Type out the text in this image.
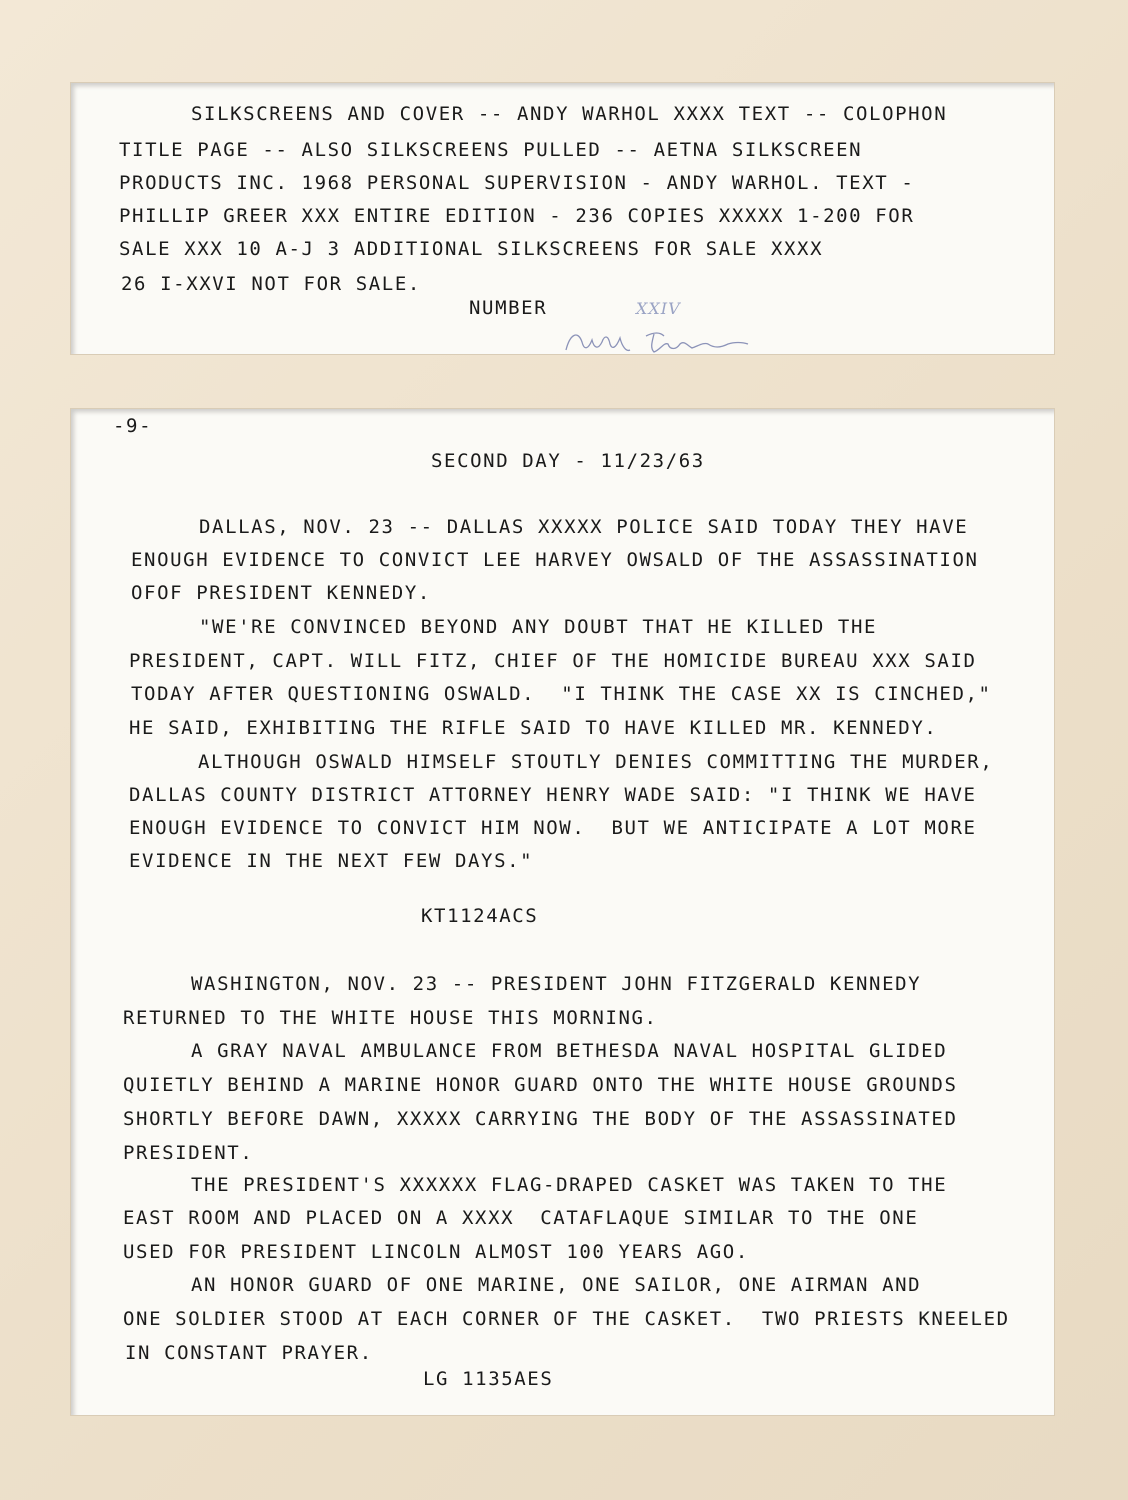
SILKSCREENS AND COVER -- ANDY WARHOL XXXX TEXT -- COLOPHON
TITLE PAGE -- ALSO SILKSCREENS PULLED -- AETNA SILKSCREEN
PRODUCTS INC. 1968 PERSONAL SUPERVISION - ANDY WARHOL. TEXT -
PHILLIP GREER XXX ENTIRE EDITION - 236 COPIES XXXXX 1-200 FOR
SALE XXX 10 A-J 3 ADDITIONAL SILKSCREENS FOR SALE XXXX
26 I-XXVI NOT FOR SALE.
NUMBER	XXIV
-9-
SECOND DAY - 11/23/63
DALLAS, NOV. 23 -- DALLAS XXXXX POLICE SAID TODAY THEY HAVE
ENOUGH EVIDENCE TO CONVICT LEE HARVEY OWSALD OF THE ASSASSINATION
OFOF PRESIDENT KENNEDY.
"WE'RE CONVINCED BEYOND ANY DOUBT THAT HE KILLED THE
PRESIDENT, CAPT. WILL FITZ, CHIEF OF THE HOMICIDE BUREAU XXX SAID
TODAY AFTER QUESTIONING OSWALD.  "I THINK THE CASE XX IS CINCHED,"
HE SAID, EXHIBITING THE RIFLE SAID TO HAVE KILLED MR. KENNEDY.
ALTHOUGH OSWALD HIMSELF STOUTLY DENIES COMMITTING THE MURDER,
DALLAS COUNTY DISTRICT ATTORNEY HENRY WADE SAID: "I THINK WE HAVE
ENOUGH EVIDENCE TO CONVICT HIM NOW.  BUT WE ANTICIPATE A LOT MORE
EVIDENCE IN THE NEXT FEW DAYS."
KT1124ACS
WASHINGTON, NOV. 23 -- PRESIDENT JOHN FITZGERALD KENNEDY
RETURNED TO THE WHITE HOUSE THIS MORNING.
A GRAY NAVAL AMBULANCE FROM BETHESDA NAVAL HOSPITAL GLIDED
QUIETLY BEHIND A MARINE HONOR GUARD ONTO THE WHITE HOUSE GROUNDS
SHORTLY BEFORE DAWN, XXXXX CARRYING THE BODY OF THE ASSASSINATED
PRESIDENT.
THE PRESIDENT'S XXXXXX FLAG-DRAPED CASKET WAS TAKEN TO THE
EAST ROOM AND PLACED ON A XXXX  CATAFLAQUE SIMILAR TO THE ONE
USED FOR PRESIDENT LINCOLN ALMOST 100 YEARS AGO.
AN HONOR GUARD OF ONE MARINE, ONE SAILOR, ONE AIRMAN AND
ONE SOLDIER STOOD AT EACH CORNER OF THE CASKET.  TWO PRIESTS KNEELED
IN CONSTANT PRAYER.
LG 1135AES
